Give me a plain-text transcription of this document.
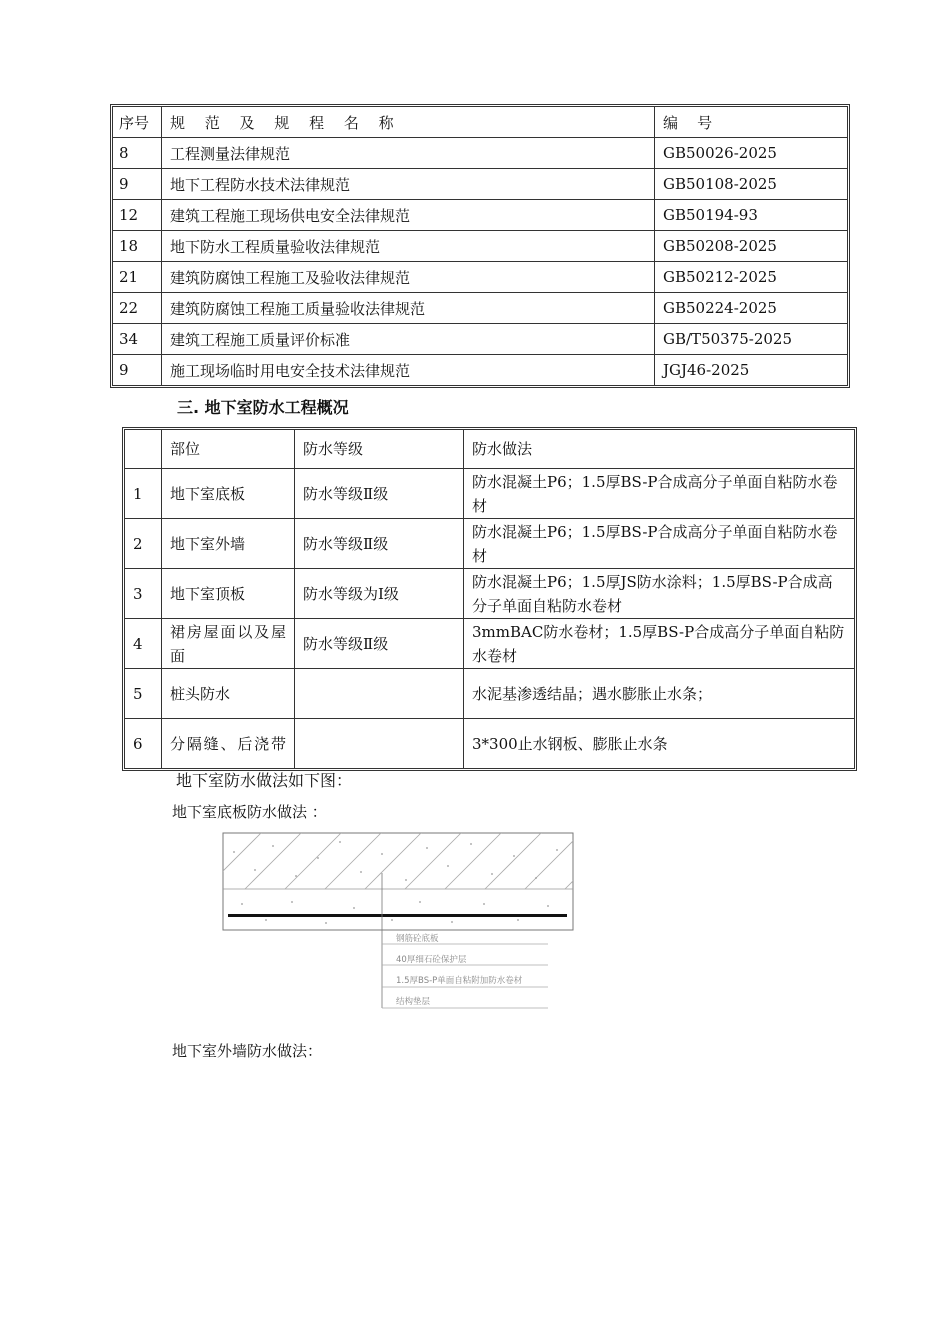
序号	规 范 及 规 程 名 称	编    号
8	工程测量法律规范	GB50026-2025
9	地下工程防水技术法律规范	GB50108-2025
12	建筑工程施工现场供电安全法律规范	GB50194-93
18	地下防水工程质量验收法律规范	GB50208-2025
21	建筑防腐蚀工程施工及验收法律规范	GB50212-2025
22	建筑防腐蚀工程施工质量验收法律规范	GB50224-2025
34	建筑工程施工质量评价标准	GB/T50375-2025
9	施工现场临时用电安全技术法律规范	JGJ46-2025
三. 地下室防水工程概况
	部位	防水等级	防水做法
1	地下室底板	防水等级Ⅱ级	防水混凝土P6；1.5厚BS-P合成高分子单面自粘防水卷材
2	地下室外墙	防水等级Ⅱ级	防水混凝土P6；1.5厚BS-P合成高分子单面自粘防水卷材
3	地下室顶板	防水等级为Ⅰ级	防水混凝土P6；1.5厚JS防水涂料；1.5厚BS-P合成高分子单面自粘防水卷材
4	裙房屋面以及屋面	防水等级Ⅱ级	3mmBAC防水卷材；1.5厚BS-P合成高分子单面自粘防水卷材
5	桩头防水		水泥基渗透结晶；遇水膨胀止水条；
6	分隔缝、后浇带		3*300止水钢板、膨胀止水条

地下室防水做法如下图：

地下室底板防水做法 ：

钢筋砼底板
40厚细石砼保护层
1.5厚BS-P单面自粘附加防水卷材
结构垫层

地下室外墙防水做法：
